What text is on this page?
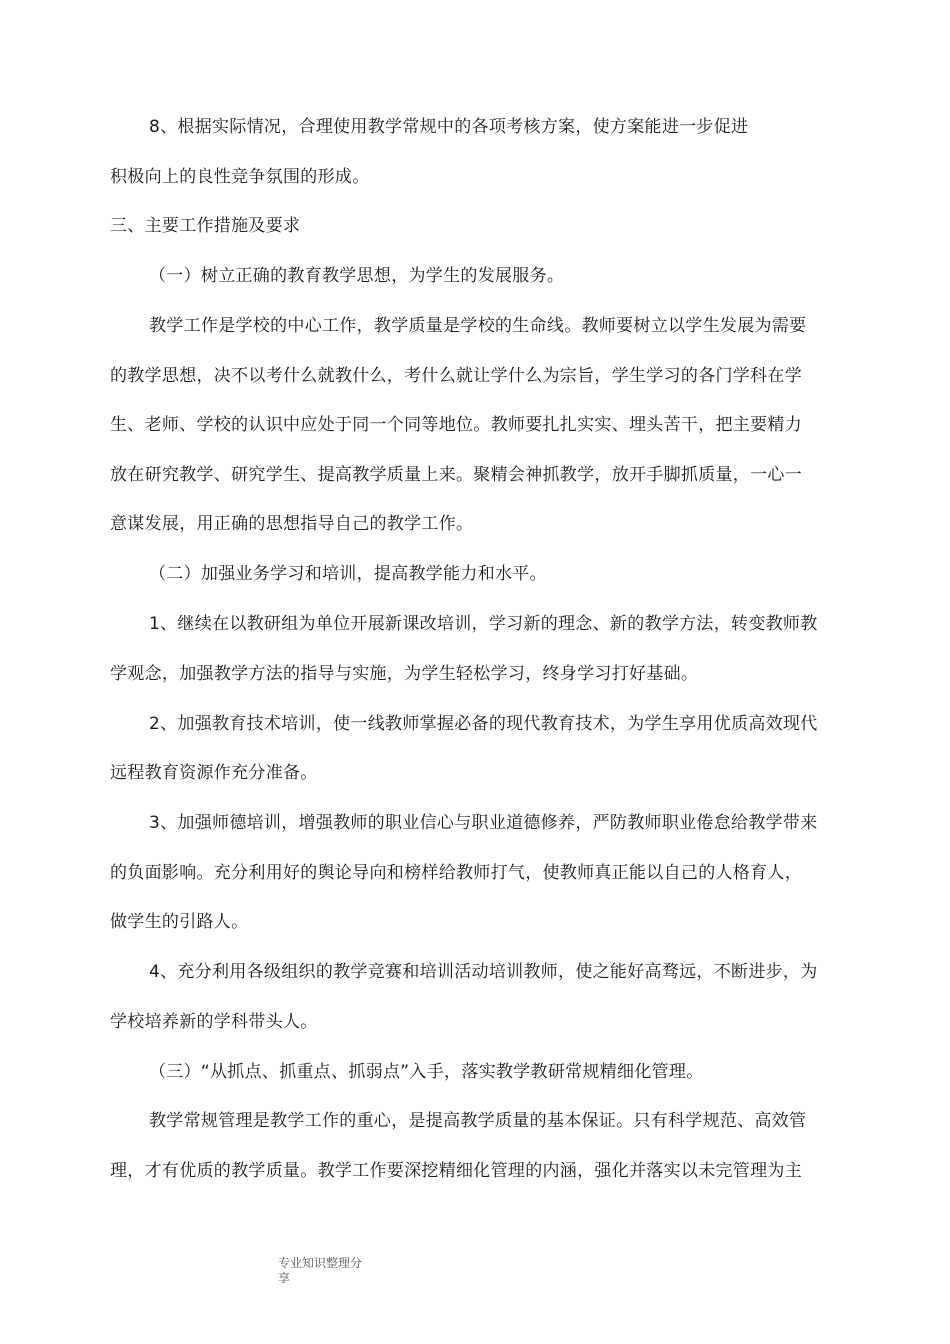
8、根据实际情况，合理使用教学常规中的各项考核方案，使方案能进一步促进
积极向上的良性竞争氛围的形成。
三、主要工作措施及要求
（一）树立正确的教育教学思想，为学生的发展服务。
教学工作是学校的中心工作，教学质量是学校的生命线。教师要树立以学生发展为需要
的教学思想，决不以考什么就教什么，考什么就让学什么为宗旨，学生学习的各门学科在学
生、老师、学校的认识中应处于同一个同等地位。教师要扎扎实实、埋头苦干，把主要精力
放在研究教学、研究学生、提高教学质量上来。聚精会神抓教学，放开手脚抓质量，一心一
意谋发展，用正确的思想指导自己的教学工作。
（二）加强业务学习和培训，提高教学能力和水平。
1、继续在以教研组为单位开展新课改培训，学习新的理念、新的教学方法，转变教师教
学观念，加强教学方法的指导与实施，为学生轻松学习，终身学习打好基础。
2、加强教育技术培训，使一线教师掌握必备的现代教育技术，为学生享用优质高效现代
远程教育资源作充分准备。
3、加强师德培训，增强教师的职业信心与职业道德修养，严防教师职业倦怠给教学带来
的负面影响。充分利用好的舆论导向和榜样给教师打气，使教师真正能以自己的人格育人，
做学生的引路人。
4、充分利用各级组织的教学竞赛和培训活动培训教师，使之能好高骛远，不断进步，为
学校培养新的学科带头人。
（三）“从抓点、抓重点、抓弱点”入手，落实教学教研常规精细化管理。
教学常规管理是教学工作的重心，是提高教学质量的基本保证。只有科学规范、高效管
理，才有优质的教学质量。教学工作要深挖精细化管理的内涵，强化并落实以未完管理为主
专业知识整理分
享
